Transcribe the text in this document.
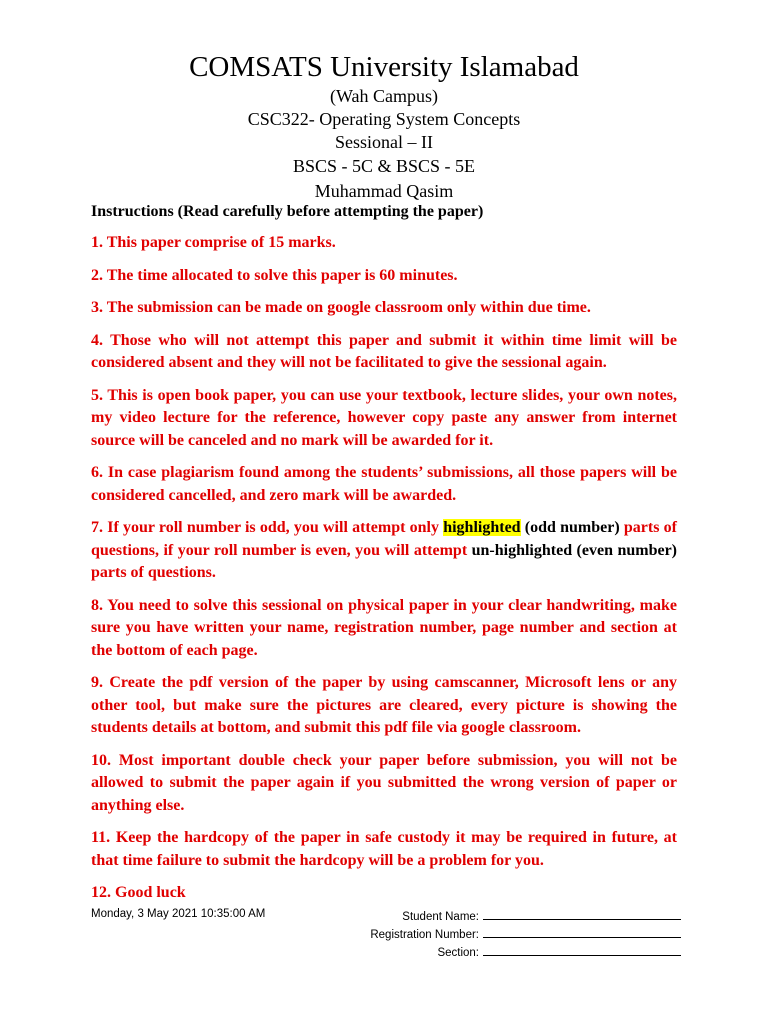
COMSATS University Islamabad
(Wah Campus)
CSC322- Operating System Concepts
Sessional – II
BSCS - 5C & BSCS - 5E
Muhammad Qasim
Instructions (Read carefully before attempting the paper)

1. This paper comprise of 15 marks.

2. The time allocated to solve this paper is 60 minutes.

3. The submission can be made on google classroom only within due time.

4. Those who will not attempt this paper and submit it within time limit will be considered absent and they will not be facilitated to give the sessional again.

5. This is open book paper, you can use your textbook, lecture slides, your own notes, my video lecture for the reference, however copy paste any answer from internet source will be canceled and no mark will be awarded for it.

6. In case plagiarism found among the students’ submissions, all those papers will be considered cancelled, and zero mark will be awarded.

7. If your roll number is odd, you will attempt only highlighted (odd number) parts of questions, if your roll number is even, you will attempt un-highlighted (even number) parts of questions.

8. You need to solve this sessional on physical paper in your clear handwriting, make sure you have written your name, registration number, page number and section at the bottom of each page.

9. Create the pdf version of the paper by using camscanner, Microsoft lens or any other tool, but make sure the pictures are cleared, every picture is showing the students details at bottom, and submit this pdf file via google classroom.

10. Most important double check your paper before submission, you will not be allowed to submit the paper again if you submitted the wrong version of paper or anything else.

11. Keep the hardcopy of the paper in safe custody it may be required in future, at that time failure to submit the hardcopy will be a problem for you.

12. Good luck

Monday, 3 May 2021 10:35:00 AM	Student Name:
Registration Number:
Section:
